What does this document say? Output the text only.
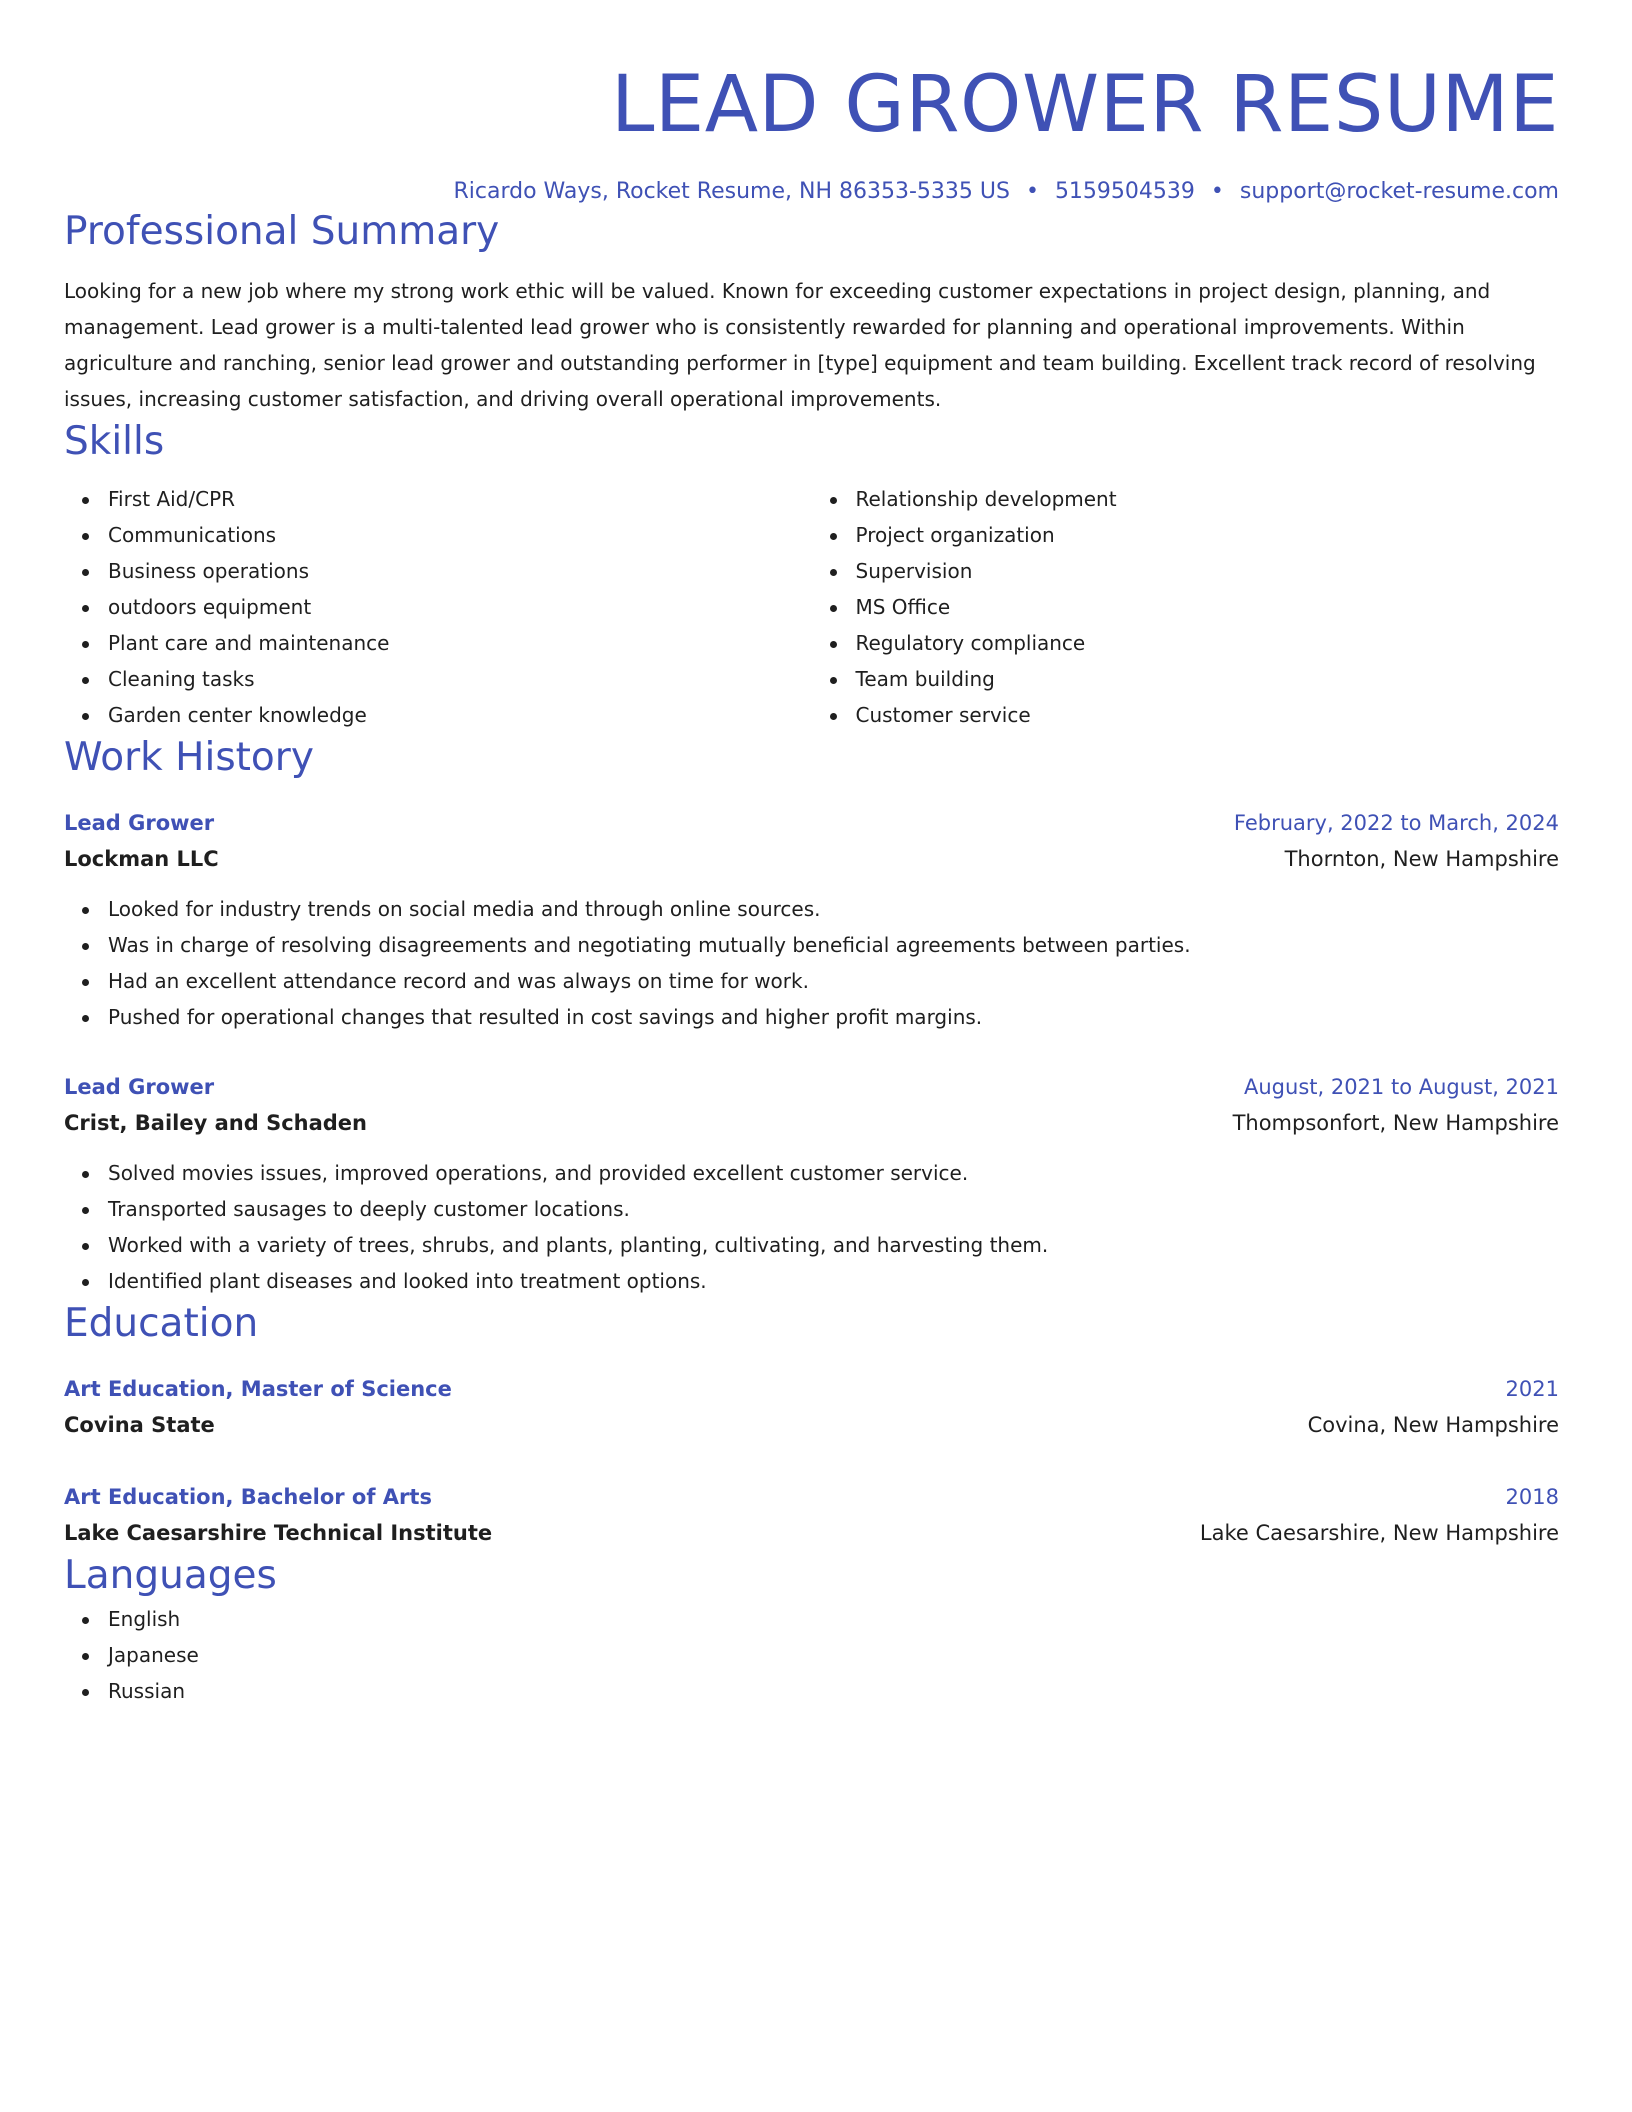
LEAD GROWER RESUME
Ricardo Ways, Rocket Resume, NH 86353-5335 US • 5159504539 • support@rocket-resume.com
Professional Summary

Looking for a new job where my strong work ethic will be valued. Known for exceeding customer expectations in project design, planning, and management. Lead grower is a multi-talented lead grower who is consistently rewarded for planning and operational improvements. Within agriculture and ranching, senior lead grower and outstanding performer in [type] equipment and team building. Excellent track record of resolving issues, increasing customer satisfaction, and driving overall operational improvements.

Skills
First Aid/CPR
Communications
Business operations
outdoors equipment
Plant care and maintenance
Cleaning tasks
Garden center knowledge
Relationship development
Project organization
Supervision
MS Office
Regulatory compliance
Team building
Customer service
Work History
Lead Grower	February, 2022 to March, 2024
Lockman LLC	Thornton, New Hampshire
Looked for industry trends on social media and through online sources.
Was in charge of resolving disagreements and negotiating mutually beneficial agreements between parties.
Had an excellent attendance record and was always on time for work.
Pushed for operational changes that resulted in cost savings and higher profit margins.
Lead Grower	August, 2021 to August, 2021
Crist, Bailey and Schaden	Thompsonfort, New Hampshire
Solved movies issues, improved operations, and provided excellent customer service.
Transported sausages to deeply customer locations.
Worked with a variety of trees, shrubs, and plants, planting, cultivating, and harvesting them.
Identified plant diseases and looked into treatment options.
Education
Art Education, Master of Science	2021
Covina State	Covina, New Hampshire
Art Education, Bachelor of Arts	2018
Lake Caesarshire Technical Institute	Lake Caesarshire, New Hampshire
Languages
English
Japanese
Russian
